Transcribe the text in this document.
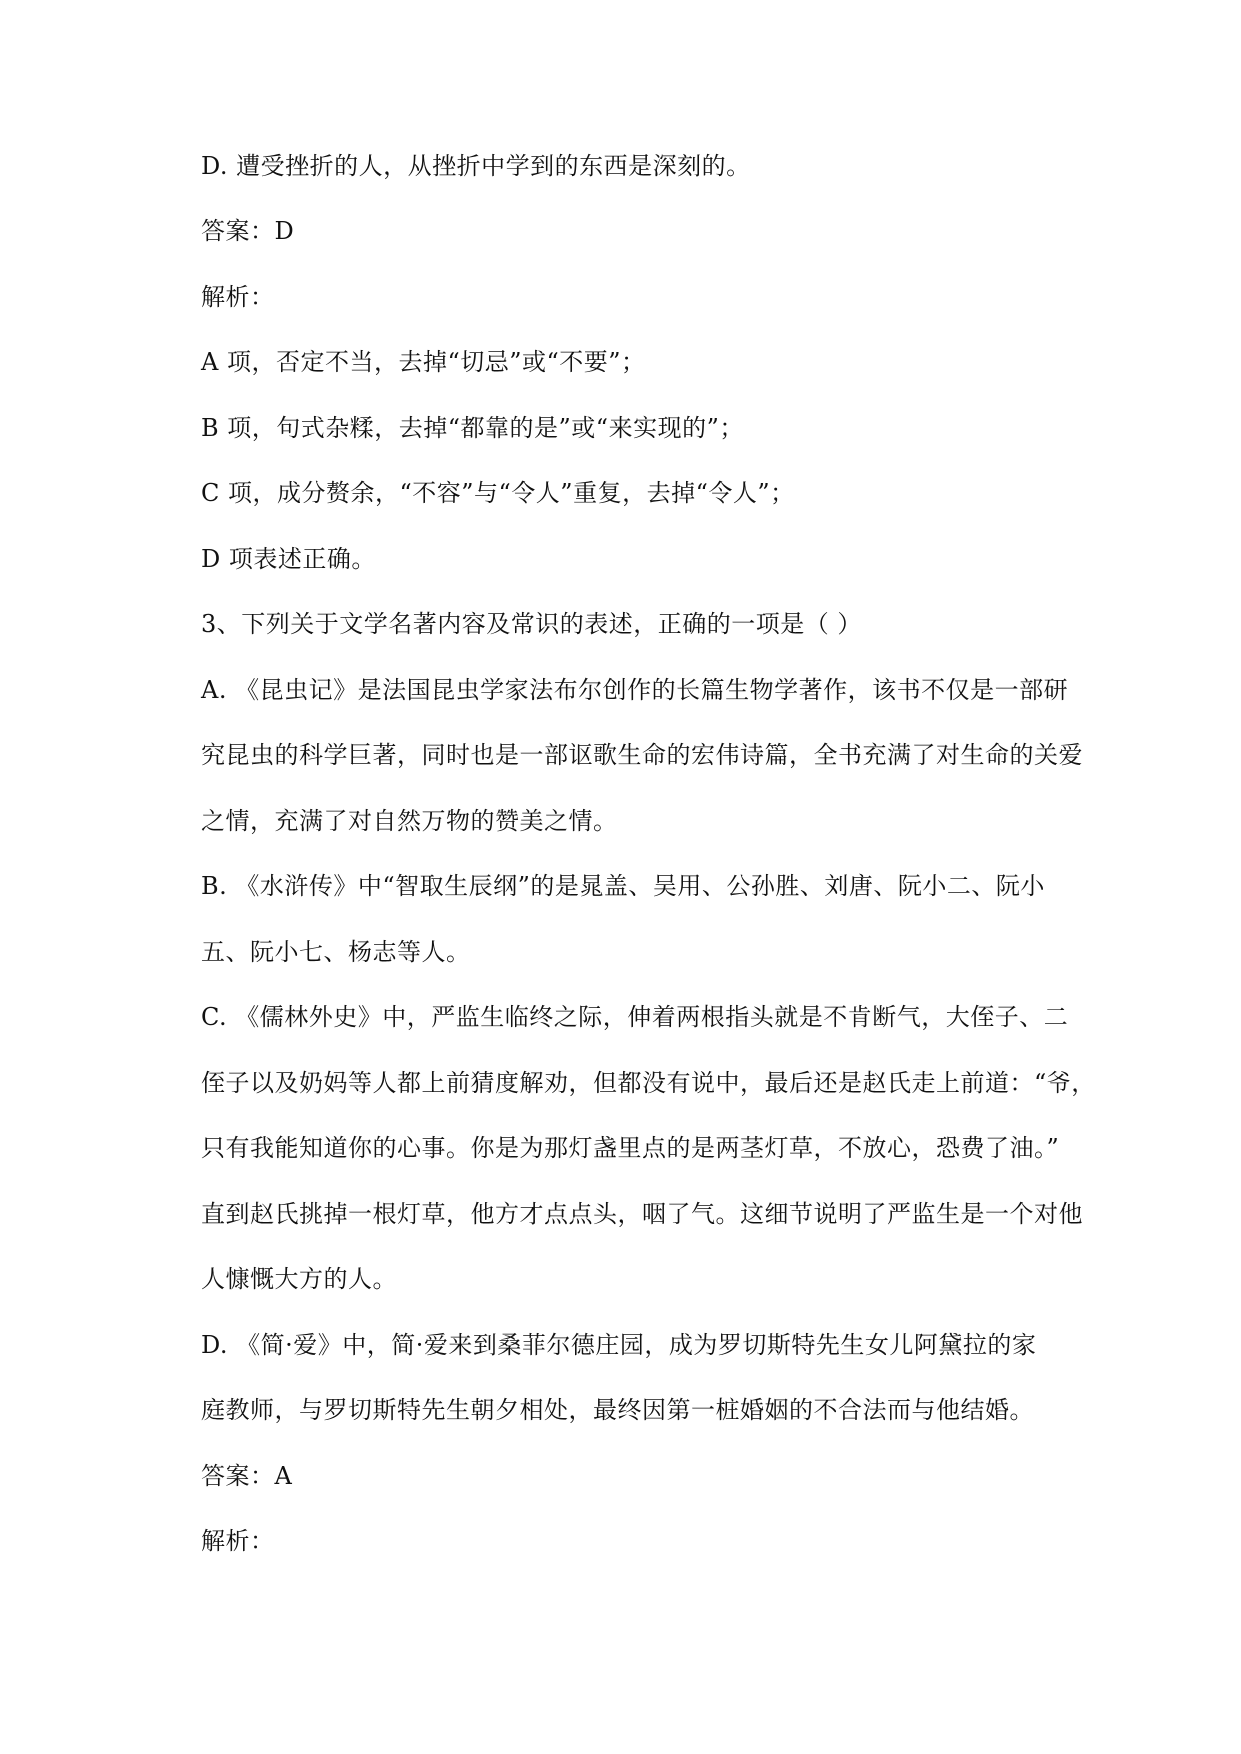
D. 遭受挫折的人，从挫折中学到的东西是深刻的。
答案：D
解析：
A 项，否定不当，去掉“切忌”或“不要”；
B 项，句式杂糅，去掉“都靠的是”或“来实现的”；
C 项，成分赘余，“不容”与“令人”重复，去掉“令人”；
D 项表述正确。
3、下列关于文学名著内容及常识的表述，正确的一项是（ ）
A. 《昆虫记》是法国昆虫学家法布尔创作的长篇生物学著作，该书不仅是一部研
究昆虫的科学巨著，同时也是一部讴歌生命的宏伟诗篇，全书充满了对生命的关爱
之情，充满了对自然万物的赞美之情。
B. 《水浒传》中“智取生辰纲”的是晁盖、吴用、公孙胜、刘唐、阮小二、阮小
五、阮小七、杨志等人。
C. 《儒林外史》中，严监生临终之际，伸着两根指头就是不肯断气，大侄子、二
侄子以及奶妈等人都上前猜度解劝，但都没有说中，最后还是赵氏走上前道：“爷，
只有我能知道你的心事。你是为那灯盏里点的是两茎灯草，不放心，恐费了油。”
直到赵氏挑掉一根灯草，他方才点点头，咽了气。这细节说明了严监生是一个对他
人慷慨大方的人。
D. 《简·爱》中，简·爱来到桑菲尔德庄园，成为罗切斯特先生女儿阿黛拉的家
庭教师，与罗切斯特先生朝夕相处，最终因第一桩婚姻的不合法而与他结婚。
答案：A
解析：
